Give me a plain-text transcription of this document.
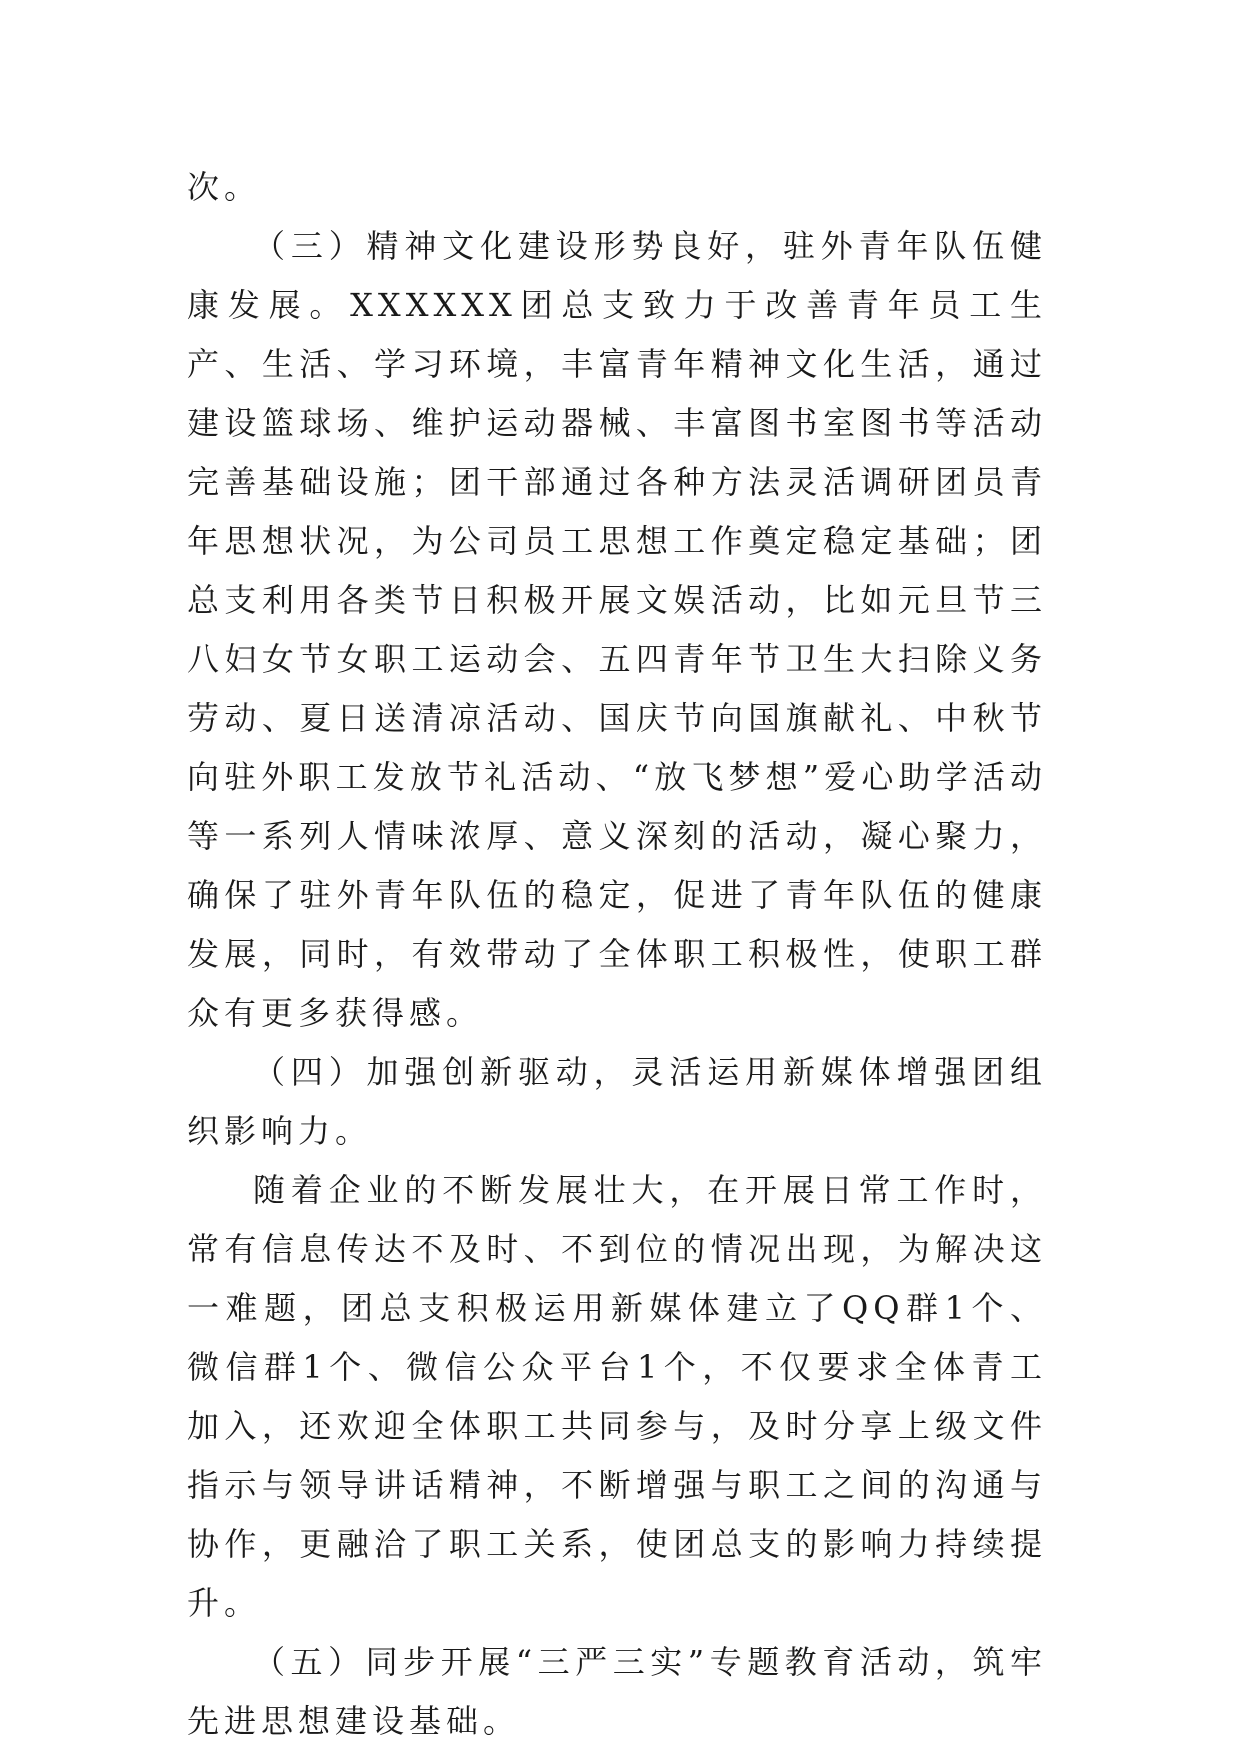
次。

（三）精神文化建设形势良好，驻外青年队伍健康发展。XXXXXX团总支致力于改善青年员工生产、生活、学习环境，丰富青年精神文化生活，通过建设篮球场、维护运动器械、丰富图书室图书等活动完善基础设施；团干部通过各种方法灵活调研团员青年思想状况，为公司员工思想工作奠定稳定基础；团总支利用各类节日积极开展文娱活动，比如元旦节三八妇女节女职工运动会、五四青年节卫生大扫除义务劳动、夏日送清凉活动、国庆节向国旗献礼、中秋节向驻外职工发放节礼活动、“放飞梦想”爱心助学活动等一系列人情味浓厚、意义深刻的活动，凝心聚力，确保了驻外青年队伍的稳定，促进了青年队伍的健康发展，同时，有效带动了全体职工积极性，使职工群众有更多获得感。

（四）加强创新驱动，灵活运用新媒体增强团组织影响力。

随着企业的不断发展壮大，在开展日常工作时，常有信息传达不及时、不到位的情况出现，为解决这一难题，团总支积极运用新媒体建立了QQ群1个、微信群1个、微信公众平台1个，不仅要求全体青工加入，还欢迎全体职工共同参与，及时分享上级文件指示与领导讲话精神，不断增强与职工之间的沟通与协作，更融洽了职工关系，使团总支的影响力持续提升。

（五）同步开展“三严三实”专题教育活动，筑牢先进思想建设基础。
